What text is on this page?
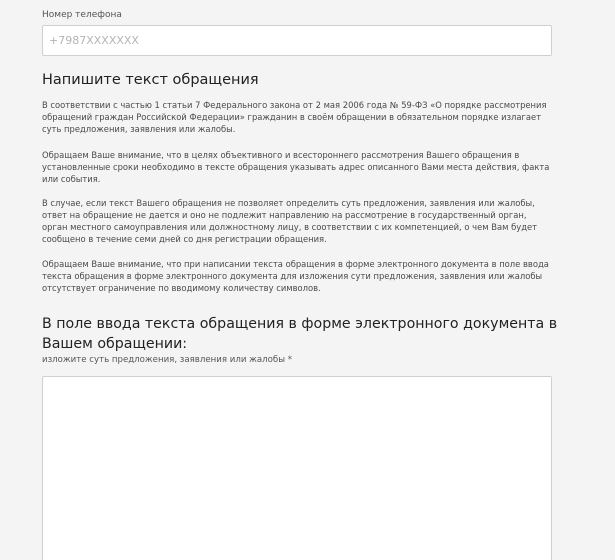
Номер телефона
+7987XXXXXXX
Напишите текст обращения

В соответствии с частью 1 статьи 7 Федерального закона от 2 мая 2006 года № 59-ФЗ «О порядке рассмотрения обращений граждан Российской Федерации» гражданин в своём обращении в обязательном порядке излагает суть предложения, заявления или жалобы.

Обращаем Ваше внимание, что в целях объективного и всестороннего рассмотрения Вашего обращения в установленные сроки необходимо в тексте обращения указывать адрес описанного Вами места действия, факта или события.

В случае, если текст Вашего обращения не позволяет определить суть предложения, заявления или жалобы, ответ на обращение не дается и оно не подлежит направлению на рассмотрение в государственный орган, орган местного самоуправления или должностному лицу, в соответствии с их компетенцией, о чем Вам будет сообщено в течение семи дней со дня регистрации обращения.

Обращаем Ваше внимание, что при написании текста обращения в форме электронного документа в поле ввода текста обращения в форме электронного документа для изложения сути предложения, заявления или жалобы отсутствует ограничение по вводимому количеству символов.

В поле ввода текста обращения в форме электронного документа в Вашем обращении:
изложите суть предложения, заявления или жалобы *
